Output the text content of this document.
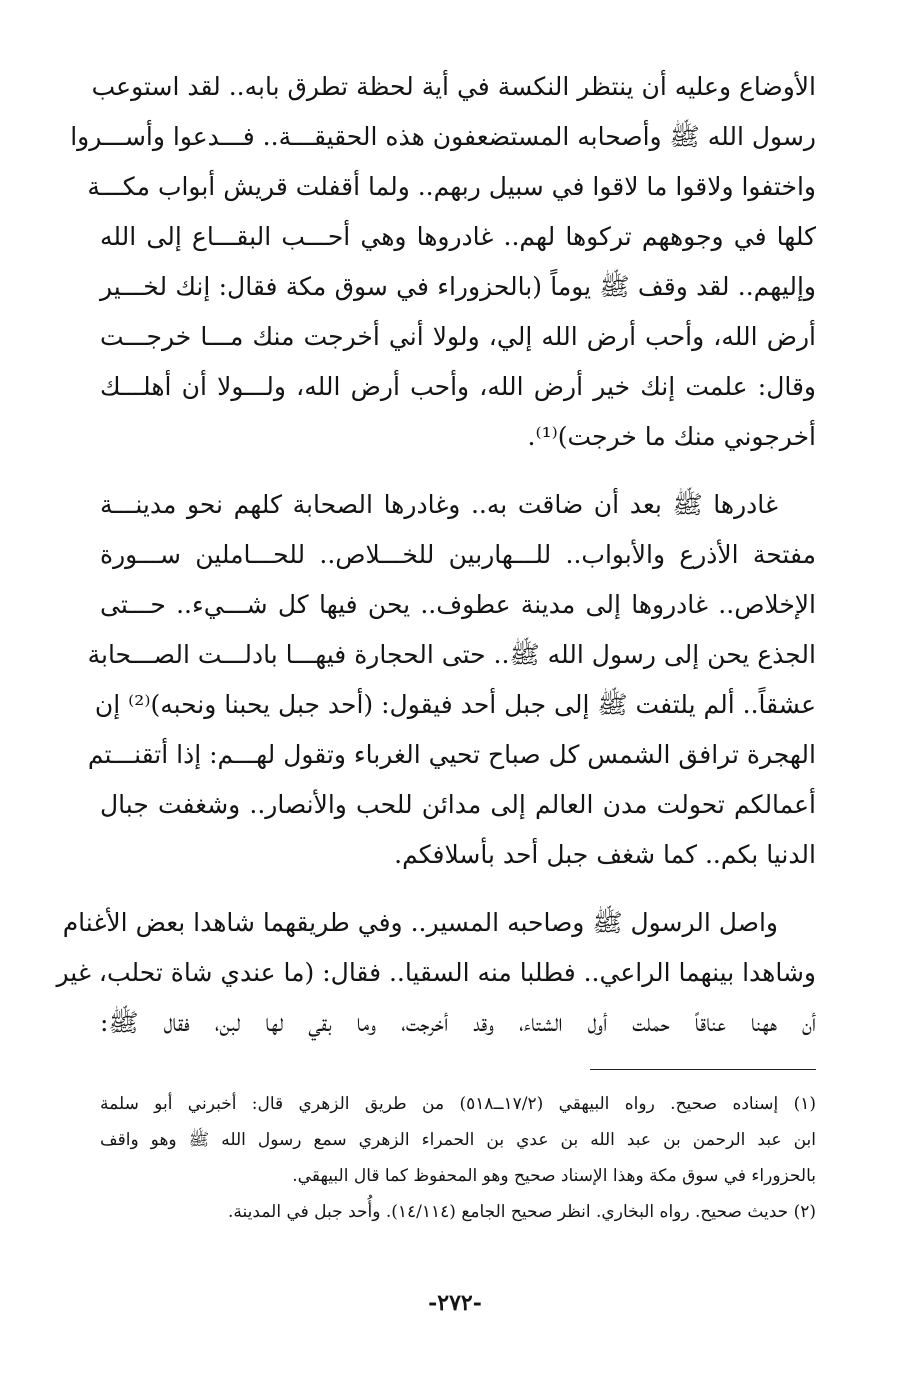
الأوضاع وعليه أن ينتظر النكسة في أية لحظة تطرق بابه.. لقد استوعب
رسول الله ﷺ وأصحابه المستضعفون هذه الحقيقـــة.. فـــدعوا وأســـروا
واختفوا ولاقوا ما لاقوا في سبيل ربهم.. ولما أقفلت قريش أبواب مكـــة
كلها في وجوههم تركوها لهم.. غادروها وهي أحـــب البقـــاع إلى الله
وإليهم.. لقد وقف ﷺ يوماً (بالحزوراء في سوق مكة فقال: إنك لخـــير
أرض الله، وأحب أرض الله إلي، ولولا أني أخرجت منك مـــا خرجـــت
وقال: علمت إنك خير أرض الله، وأحب أرض الله، ولـــولا أن أهلـــك
أخرجوني منك ما خرجت)⁽¹⁾.
غادرها ﷺ بعد أن ضاقت به.. وغادرها الصحابة كلهم نحو مدينـــة
مفتحة الأذرع والأبواب.. للـــهاربين للخـــلاص.. للحـــاملين ســـورة
الإخلاص.. غادروها إلى مدينة عطوف.. يحن فيها كل شـــيء.. حـــتى
الجذع يحن إلى رسول الله ﷺ.. حتى الحجارة فيهـــا بادلـــت الصـــحابة
عشقاً.. ألم يلتفت ﷺ إلى جبل أحد فيقول: (أحد جبل يحبنا ونحبه)⁽²⁾ إن
الهجرة ترافق الشمس كل صباح تحيي الغرباء وتقول لهـــم: إذا أتقنـــتم
أعمالكم تحولت مدن العالم إلى مدائن للحب والأنصار.. وشغفت جبال
الدنيا بكم.. كما شغف جبل أحد بأسلافكم.
واصل الرسول ﷺ وصاحبه المسير.. وفي طريقهما شاهدا بعض الأغنام
وشاهدا بينهما الراعي.. فطلبا منه السقيا.. فقال: (ما عندي شاة تحلب، غير
أن ههنا عناقاً حملت أول الشتاء، وقد أخرجت، وما بقي لها لبن، فقال ﷺ:
(١) إسناده صحيح. رواه البيهقي (١٧/٢ــ٥١٨) من طريق الزهري قال: أخبرني أبو سلمة
ابن عبد الرحمن بن عبد الله بن عدي بن الحمراء الزهري سمع رسول الله ﷺ وهو واقف
بالحزوراء في سوق مكة وهذا الإسناد صحيح وهو المحفوظ كما قال البيهقي.
(٢) حديث صحيح. رواه البخاري. انظر صحيح الجامع (١٤/١١٤). وأُحد جبل في المدينة.
-٢٧٢-
